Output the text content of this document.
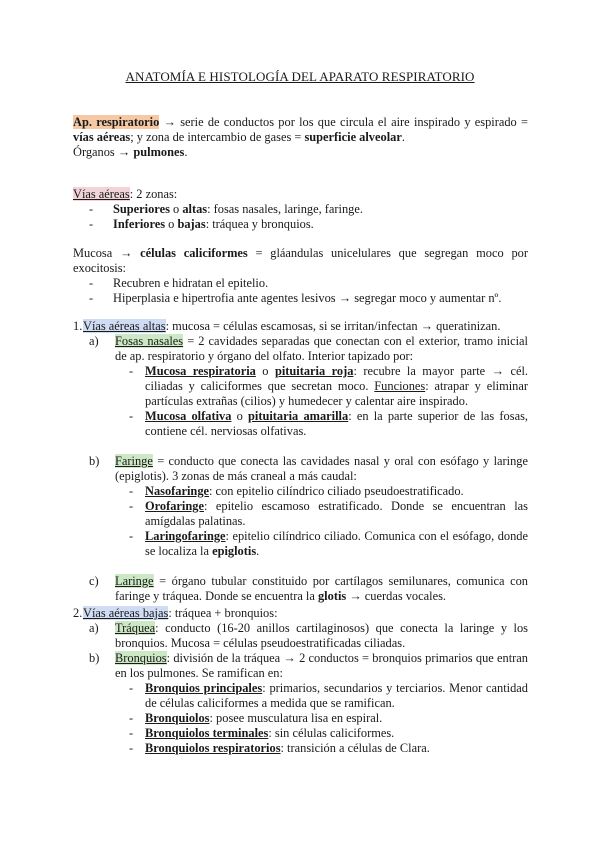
ANATOMÍA E HISTOLOGÍA DEL APARATO RESPIRATORIO

Ap. respiratorio → serie de conductos por los que circula el aire inspirado y espirado = vías aéreas; y zona de intercambio de gases = superficie alveolar.

Órganos → pulmones.

Vías aéreas: 2 zonas:

-	Superiores o altas: fosas nasales, laringe, faringe.
-	Inferiores o bajas: tráquea y bronquios.

Mucosa → células caliciformes = gláandulas unicelulares que segregan moco por exocitosis:

-	Recubren e hidratan el epitelio.
-	Hiperplasia e hipertrofia ante agentes lesivos → segregar moco y aumentar nº.
1. Vías aéreas altas: mucosa = células escamosas, si se irritan/infectan → queratinizan.
a)	Fosas nasales = 2 cavidades separadas que conectan con el exterior, tramo inicial de ap. respiratorio y órgano del olfato. Interior tapizado por:
- Mucosa respiratoria o pituitaria roja: recubre la mayor parte → cél. ciliadas y caliciformes que secretan moco. Funciones: atrapar y eliminar partículas extrañas (cilios) y humedecer y calentar aire inspirado.
- Mucosa olfativa o pituitaria amarilla: en la parte superior de las fosas, contiene cél. nerviosas olfativas.
b)	Faringe = conducto que conecta las cavidades nasal y oral con esófago y laringe (epiglotis). 3 zonas de más craneal a más caudal:
- Nasofaringe: con epitelio cilíndrico ciliado pseudoestratificado.
- Orofaringe: epitelio escamoso estratificado. Donde se encuentran las amígdalas palatinas.
- Laringofaringe: epitelio cilíndrico ciliado. Comunica con el esófago, donde se localiza la epiglotis.
c)	Laringe = órgano tubular constituido por cartílagos semilunares, comunica con faringe y tráquea. Donde se encuentra la glotis → cuerdas vocales.
2. Vías aéreas bajas: tráquea + bronquios:
a)	Tráquea: conducto (16-20 anillos cartilaginosos) que conecta la laringe y los bronquios. Mucosa = células pseudoestratificadas ciliadas.
b)	Bronquios: división de la tráquea → 2 conductos = bronquios primarios que entran en los pulmones. Se ramifican en:
- Bronquios principales: primarios, secundarios y terciarios. Menor cantidad de células caliciformes a medida que se ramifican.
- Bronquiolos: posee musculatura lisa en espiral.
- Bronquiolos terminales: sin células caliciformes.
- Bronquiolos respiratorios: transición a células de Clara.
